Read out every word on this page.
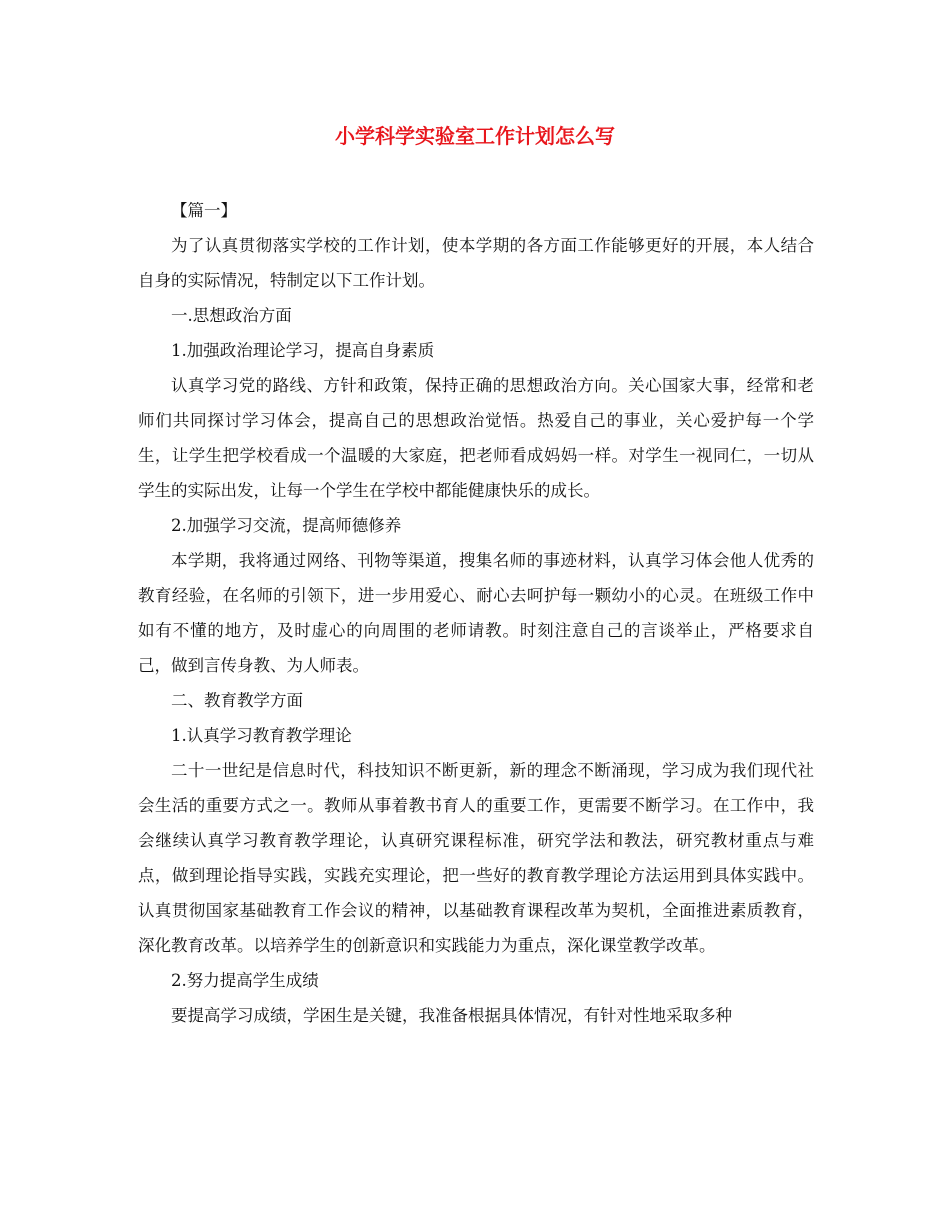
小学科学实验室工作计划怎么写

【篇一】

为了认真贯彻落实学校的工作计划，使本学期的各方面工作能够更好的开展，本人结合自身的实际情况，特制定以下工作计划。

一.思想政治方面

1.加强政治理论学习，提高自身素质

认真学习党的路线、方针和政策，保持正确的思想政治方向。关心国家大事，经常和老师们共同探讨学习体会，提高自己的思想政治觉悟。热爱自己的事业，关心爱护每一个学生，让学生把学校看成一个温暖的大家庭，把老师看成妈妈一样。对学生一视同仁，一切从学生的实际出发，让每一个学生在学校中都能健康快乐的成长。

2.加强学习交流，提高师德修养

本学期，我将通过网络、刊物等渠道，搜集名师的事迹材料，认真学习体会他人优秀的教育经验，在名师的引领下，进一步用爱心、耐心去呵护每一颗幼小的心灵。在班级工作中如有不懂的地方，及时虚心的向周围的老师请教。时刻注意自己的言谈举止，严格要求自己，做到言传身教、为人师表。

二、教育教学方面

1.认真学习教育教学理论

二十一世纪是信息时代，科技知识不断更新，新的理念不断涌现，学习成为我们现代社会生活的重要方式之一。教师从事着教书育人的重要工作，更需要不断学习。在工作中，我会继续认真学习教育教学理论，认真研究课程标准，研究学法和教法，研究教材重点与难点，做到理论指导实践，实践充实理论，把一些好的教育教学理论方法运用到具体实践中。认真贯彻国家基础教育工作会议的精神，以基础教育课程改革为契机，全面推进素质教育，深化教育改革。以培养学生的创新意识和实践能力为重点，深化课堂教学改革。

2.努力提高学生成绩

要提高学习成绩，学困生是关键，我准备根据具体情况，有针对性地采取多种
